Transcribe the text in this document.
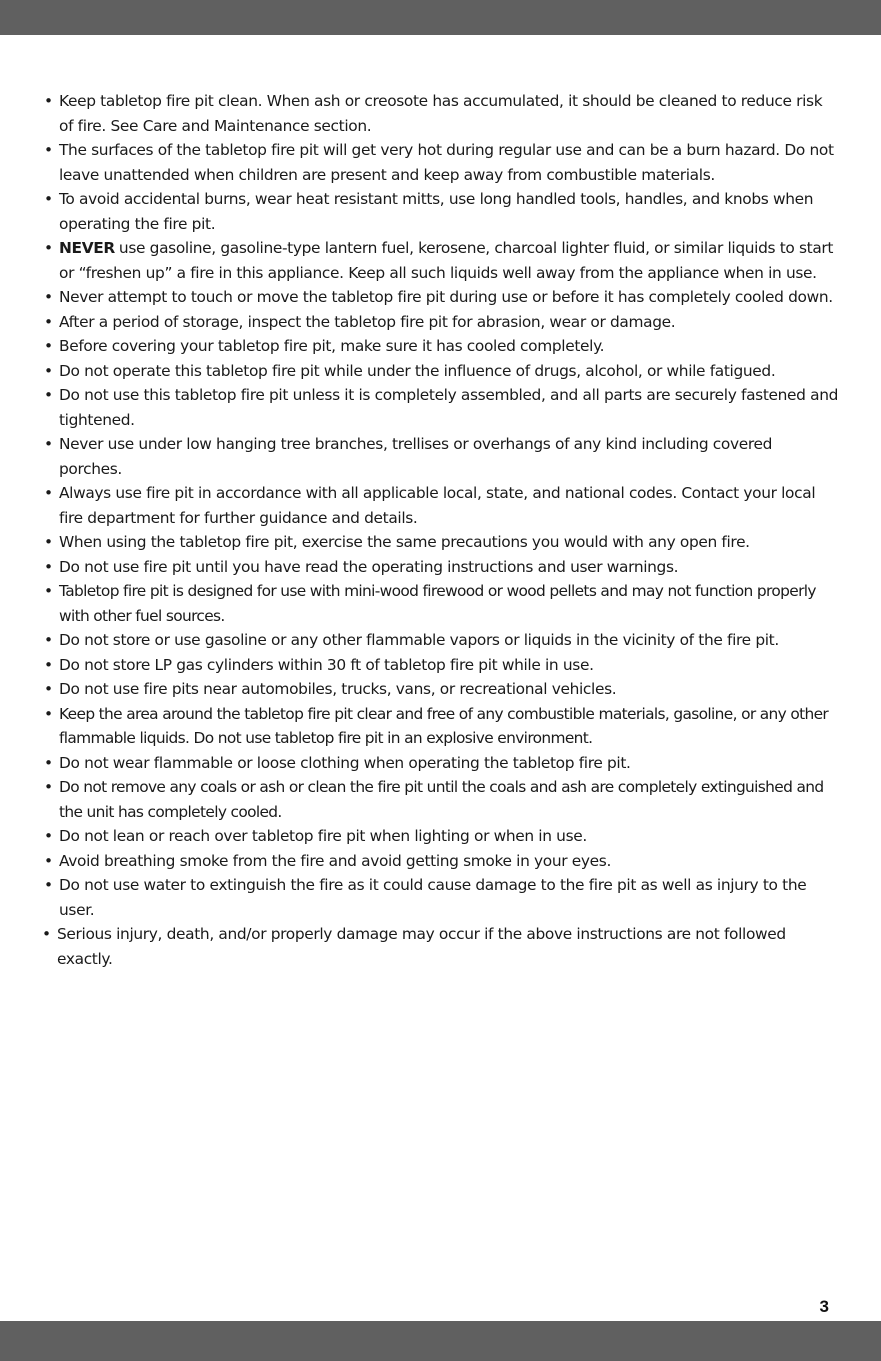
• Keep tabletop fire pit clean. When ash or creosote has accumulated, it should be cleaned to reduce risk of fire. See Care and Maintenance section.
• The surfaces of the tabletop fire pit will get very hot during regular use and can be a burn hazard. Do not leave unattended when children are present and keep away from combustible materials.
• To avoid accidental burns, wear heat resistant mitts, use long handled tools, handles, and knobs when operating the fire pit.
• NEVER use gasoline, gasoline-type lantern fuel, kerosene, charcoal lighter fluid, or similar liquids to start or “freshen up” a fire in this appliance. Keep all such liquids well away from the appliance when in use.
• Never attempt to touch or move the tabletop fire pit during use or before it has completely cooled down.
• After a period of storage, inspect the tabletop fire pit for abrasion, wear or damage.
• Before covering your tabletop fire pit, make sure it has cooled completely.
• Do not operate this tabletop fire pit while under the influence of drugs, alcohol, or while fatigued.
• Do not use this tabletop fire pit unless it is completely assembled, and all parts are securely fastened and tightened.
• Never use under low hanging tree branches, trellises or overhangs of any kind including covered porches.
• Always use fire pit in accordance with all applicable local, state, and national codes. Contact your local fire department for further guidance and details.
• When using the tabletop fire pit, exercise the same precautions you would with any open fire.
• Do not use fire pit until you have read the operating instructions and user warnings.
• Tabletop fire pit is designed for use with mini-wood firewood or wood pellets and may not function properly with other fuel sources.
• Do not store or use gasoline or any other flammable vapors or liquids in the vicinity of the fire pit.
• Do not store LP gas cylinders within 30 ft of tabletop fire pit while in use.
• Do not use fire pits near automobiles, trucks, vans, or recreational vehicles.
• Keep the area around the tabletop fire pit clear and free of any combustible materials, gasoline, or any other flammable liquids. Do not use tabletop fire pit in an explosive environment.
• Do not wear flammable or loose clothing when operating the tabletop fire pit.
• Do not remove any coals or ash or clean the fire pit until the coals and ash are completely extinguished and the unit has completely cooled.
• Do not lean or reach over tabletop fire pit when lighting or when in use.
• Avoid breathing smoke from the fire and avoid getting smoke in your eyes.
• Do not use water to extinguish the fire as it could cause damage to the fire pit as well as injury to the user.
• Serious injury, death, and/or properly damage may occur if the above instructions are not followed exactly.
3
